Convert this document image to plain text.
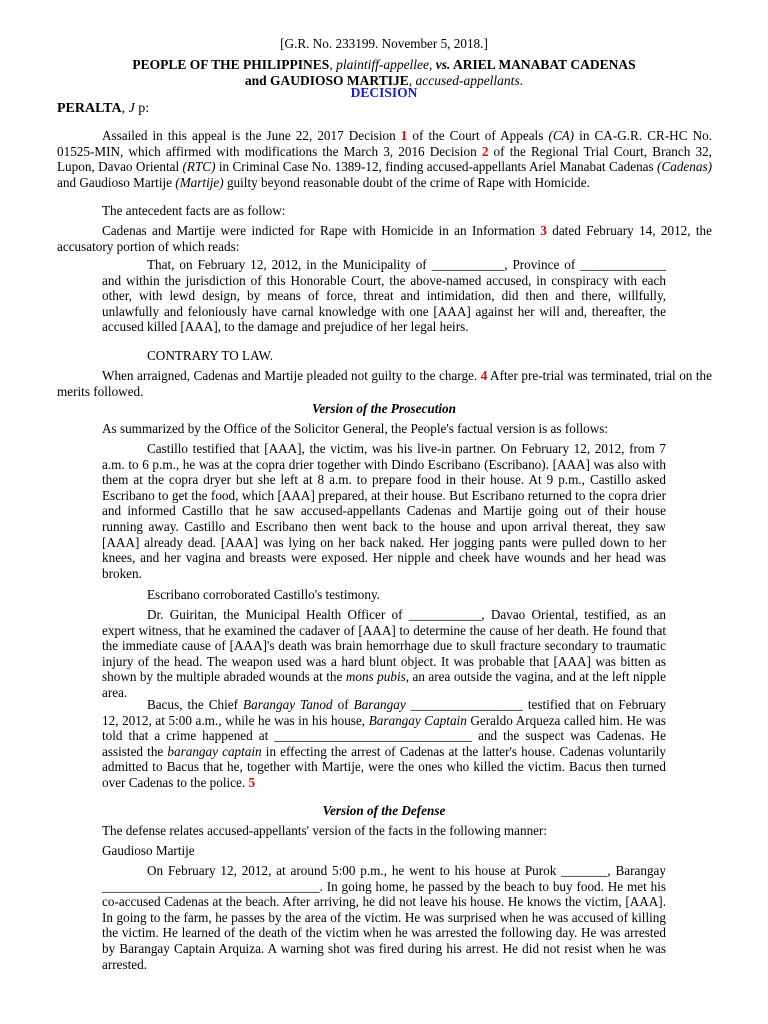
[G.R. No. 233199. November 5, 2018.]

PEOPLE OF THE PHILIPPINES, plaintiff-appellee, vs. ARIEL MANABAT CADENAS
and GAUDIOSO MARTIJE, accused-appellants.

DECISION

PERALTA, J p:

Assailed in this appeal is the June 22, 2017 Decision 1 of the Court of Appeals (CA) in CA-G.R. CR-HC No. 01525-MIN, which affirmed with modifications the March 3, 2016 Decision 2 of the Regional Trial Court, Branch 32, Lupon, Davao Oriental (RTC) in Criminal Case No. 1389-12, finding accused-appellants Ariel Manabat Cadenas (Cadenas) and Gaudioso Martije (Martije) guilty beyond reasonable doubt of the crime of Rape with Homicide.

The antecedent facts are as follow:

Cadenas and Martije were indicted for Rape with Homicide in an Information 3 dated February 14, 2012, the accusatory portion of which reads:

That, on February 12, 2012, in the Municipality of ___________, Province of _____________ and within the jurisdiction of this Honorable Court, the above-named accused, in conspiracy with each other, with lewd design, by means of force, threat and intimidation, did then and there, willfully, unlawfully and feloniously have carnal knowledge with one [AAA] against her will and, thereafter, the accused killed [AAA], to the damage and prejudice of her legal heirs.

CONTRARY TO LAW.

When arraigned, Cadenas and Martije pleaded not guilty to the charge. 4 After pre-trial was terminated, trial on the merits followed.

Version of the Prosecution

As summarized by the Office of the Solicitor General, the People's factual version is as follows:

Castillo testified that [AAA], the victim, was his live-in partner. On February 12, 2012, from 7 a.m. to 6 p.m., he was at the copra drier together with Dindo Escribano (Escribano). [AAA] was also with them at the copra dryer but she left at 8 a.m. to prepare food in their house. At 9 p.m., Castillo asked Escribano to get the food, which [AAA] prepared, at their house. But Escribano returned to the copra drier and informed Castillo that he saw accused-appellants Cadenas and Martije going out of their house running away. Castillo and Escribano then went back to the house and upon arrival thereat, they saw [AAA] already dead. [AAA] was lying on her back naked. Her jogging pants were pulled down to her knees, and her vagina and breasts were exposed. Her nipple and cheek have wounds and her head was broken.

Escribano corroborated Castillo's testimony.

Dr. Guiritan, the Municipal Health Officer of ___________, Davao Oriental, testified, as an expert witness, that he examined the cadaver of [AAA] to determine the cause of her death. He found that the immediate cause of [AAA]'s death was brain hemorrhage due to skull fracture secondary to traumatic injury of the head. The weapon used was a hard blunt object. It was probable that [AAA] was bitten as shown by the multiple abraded wounds at the mons pubis, an area outside the vagina, and at the left nipple area.

Bacus, the Chief Barangay Tanod of Barangay _________________ testified that on February 12, 2012, at 5:00 a.m., while he was in his house, Barangay Captain Geraldo Arqueza called him. He was told that a crime happened at ______________________________ and the suspect was Cadenas. He assisted the barangay captain in effecting the arrest of Cadenas at the latter's house. Cadenas voluntarily admitted to Bacus that he, together with Martije, were the ones who killed the victim. Bacus then turned over Cadenas to the police. 5

Version of the Defense

The defense relates accused-appellants' version of the facts in the following manner:

Gaudioso Martije

On February 12, 2012, at around 5:00 p.m., he went to his house at Purok _______, Barangay _________________________________. In going home, he passed by the beach to buy food. He met his co-accused Cadenas at the beach. After arriving, he did not leave his house. He knows the victim, [AAA]. In going to the farm, he passes by the area of the victim. He was surprised when he was accused of killing the victim. He learned of the death of the victim when he was arrested the following day. He was arrested by Barangay Captain Arquiza. A warning shot was fired during his arrest. He did not resist when he was arrested.
